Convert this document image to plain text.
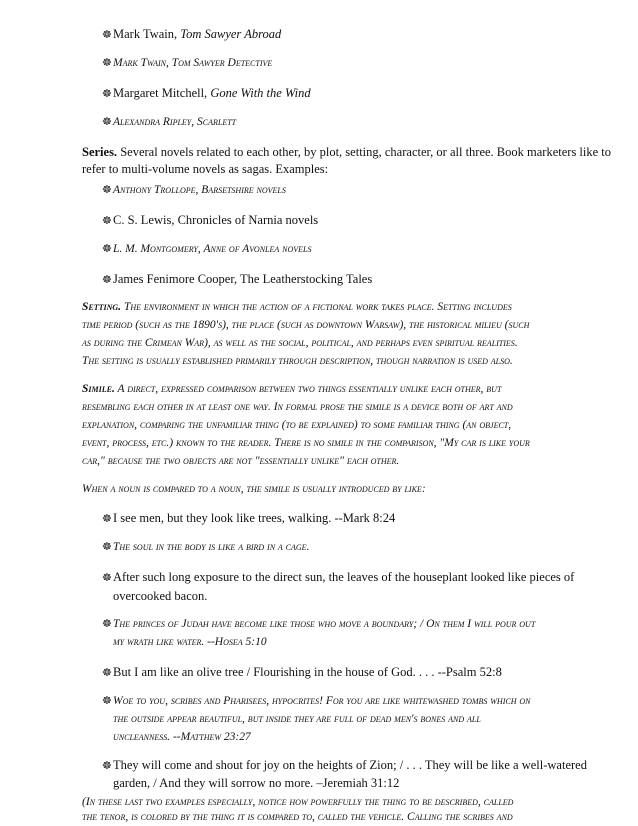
☸Mark Twain, Tom Sawyer Abroad
☸Mark Twain, Tom Sawyer Detective
☸Margaret Mitchell, Gone With the Wind
☸Alexandra Ripley, Scarlett
Series. Several novels related to each other, by plot, setting, character, or all three. Book marketers like to
refer to multi-volume novels as sagas. Examples:
☸Anthony Trollope, Barsetshire novels
☸C. S. Lewis, Chronicles of Narnia novels
☸L. M. Montgomery, Anne of Avonlea novels
☸James Fenimore Cooper, The Leatherstocking Tales
Setting. The environment in which the action of a fictional work takes place. Setting includes
time period (such as the 1890's), the place (such as downtown Warsaw), the historical milieu (such
as during the Crimean War), as well as the social, political, and perhaps even spiritual realities.
The setting is usually established primarily through description, though narration is used also.
Simile. A direct, expressed comparison between two things essentially unlike each other, but
resembling each other in at least one way. In formal prose the simile is a device both of art and
explanation, comparing the unfamiliar thing (to be explained) to some familiar thing (an object,
event, process, etc.) known to the reader. There is no simile in the comparison, "My car is like your
car," because the two objects are not "essentially unlike" each other.
When a noun is compared to a noun, the simile is usually introduced by like:
☸I see men, but they look like trees, walking. --Mark 8:24
☸The soul in the body is like a bird in a cage.
☸After such long exposure to the direct sun, the leaves of the houseplant looked like pieces of
overcooked bacon.
☸The princes of Judah have become like those who move a boundary; / On them I will pour out
my wrath like water. --Hosea 5:10
☸But I am like an olive tree / Flourishing in the house of God. . . . --Psalm 52:8
☸Woe to you, scribes and Pharisees, hypocrites! For you are like whitewashed tombs which on
the outside appear beautiful, but inside they are full of dead men's bones and all
uncleanness. --Matthew 23:27
☸They will come and shout for joy on the heights of Zion; / . . . They will be like a well-watered
garden, / And they will sorrow no more. –Jeremiah 31:12
(In these last two examples especially, notice how powerfully the thing to be described, called
the tenor, is colored by the thing it is compared to, called the vehicle. Calling the scribes and
